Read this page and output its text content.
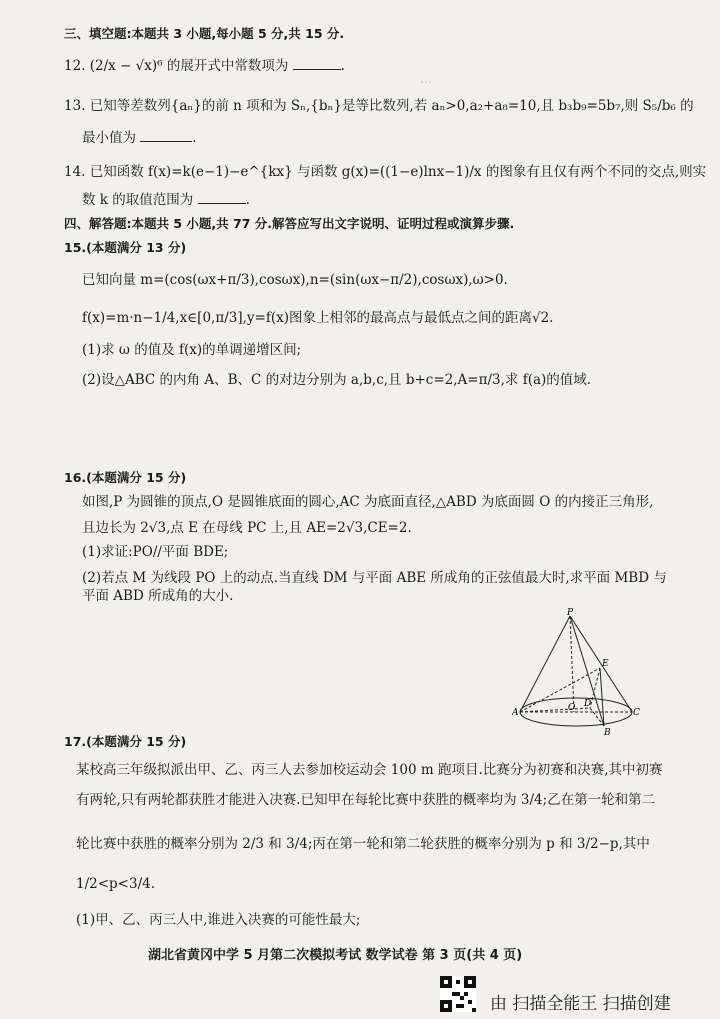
…
三、填空题:本题共 3 小题,每小题 5 分,共 15 分.
12. (2/x − √x)⁶ 的展开式中常数项为	.
13. 已知等差数列{aₙ}的前 n 项和为 Sₙ,{bₙ}是等比数列,若 aₙ>0,a₂+a₈=10,且 b₃b₉=5b₇,则 S₅/b₆ 的
最小值为	.
14. 已知函数 f(x)=k(e−1)−e^{kx} 与函数 g(x)=((1−e)lnx−1)/x 的图象有且仅有两个不同的交点,则实
数 k 的取值范围为	.
四、解答题:本题共 5 小题,共 77 分.解答应写出文字说明、证明过程或演算步骤.
15.(本题满分 13 分)
已知向量 m=(cos(ωx+π/3),cosωx),n=(sin(ωx−π/2),cosωx),ω>0.
f(x)=m·n−1/4,x∈[0,π/3],y=f(x)图象上相邻的最高点与最低点之间的距离√2.
(1)求 ω 的值及 f(x)的单调递增区间;
(2)设△ABC 的内角 A、B、C 的对边分别为 a,b,c,且 b+c=2,A=π/3,求 f(a)的值域.
16.(本题满分 15 分)
如图,P 为圆锥的顶点,O 是圆锥底面的圆心,AC 为底面直径,△ABD 为底面圆 O 的内接正三角形,
且边长为 2√3,点 E 在母线 PC 上,且 AE=2√3,CE=2.
(1)求证:PO//平面 BDE;
(2)若点 M 为线段 PO 上的动点.当直线 DM 与平面 ABE 所成角的正弦值最大时,求平面 MBD 与
平面 ABD 所成角的大小.
P
E
A	O D
C
B
17.(本题满分 15 分)
某校高三年级拟派出甲、乙、丙三人去参加校运动会 100 m 跑项目.比赛分为初赛和决赛,其中初赛
有两轮,只有两轮都获胜才能进入决赛.已知甲在每轮比赛中获胜的概率均为 3/4;乙在第一轮和第二
轮比赛中获胜的概率分别为 2/3 和 3/4;丙在第一轮和第二轮获胜的概率分别为 p 和 3/2−p,其中
1/2<p<3/4.
(1)甲、乙、丙三人中,谁进入决赛的可能性最大;
湖北省黄冈中学 5 月第二次模拟考试 数学试卷 第 3 页(共 4 页)
由 扫描全能王 扫描创建
